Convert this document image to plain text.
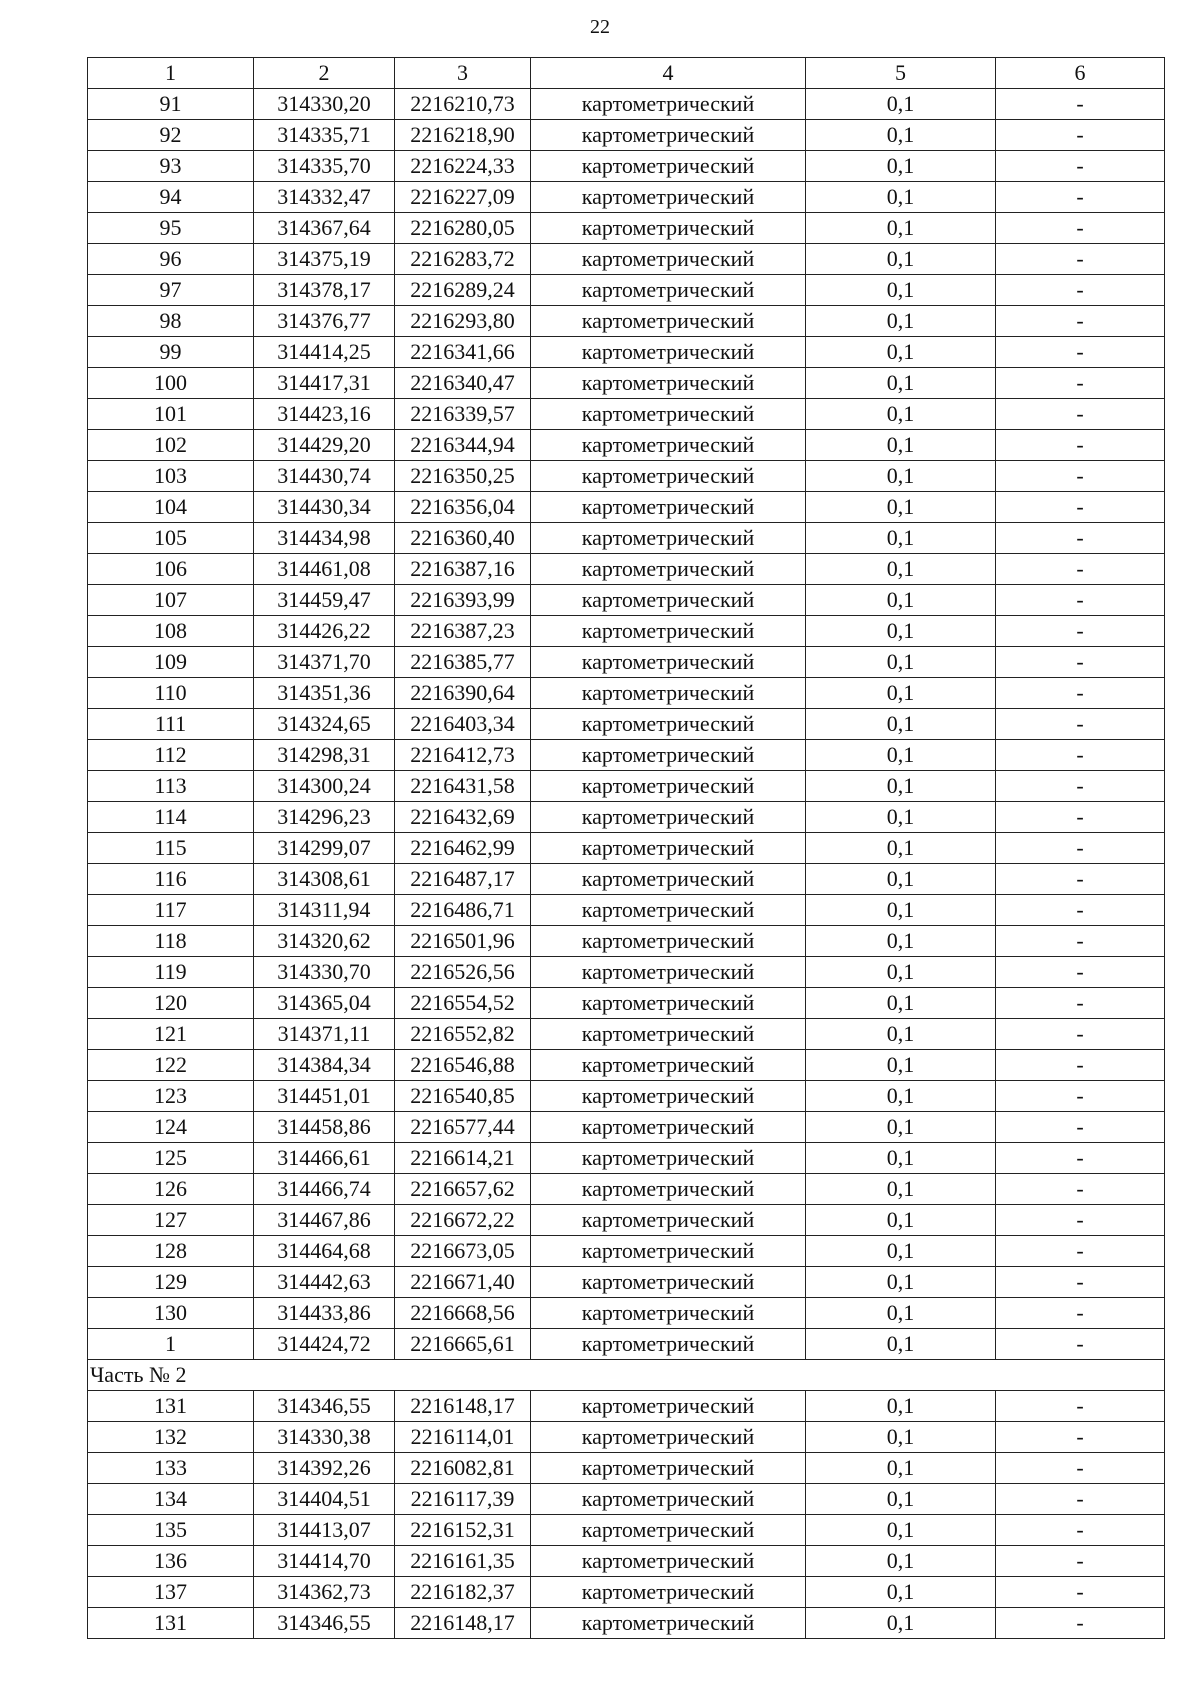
22
1	2	3	4	5	6
91	314330,20	2216210,73	картометрический	0,1	-
92	314335,71	2216218,90	картометрический	0,1	-
93	314335,70	2216224,33	картометрический	0,1	-
94	314332,47	2216227,09	картометрический	0,1	-
95	314367,64	2216280,05	картометрический	0,1	-
96	314375,19	2216283,72	картометрический	0,1	-
97	314378,17	2216289,24	картометрический	0,1	-
98	314376,77	2216293,80	картометрический	0,1	-
99	314414,25	2216341,66	картометрический	0,1	-
100	314417,31	2216340,47	картометрический	0,1	-
101	314423,16	2216339,57	картометрический	0,1	-
102	314429,20	2216344,94	картометрический	0,1	-
103	314430,74	2216350,25	картометрический	0,1	-
104	314430,34	2216356,04	картометрический	0,1	-
105	314434,98	2216360,40	картометрический	0,1	-
106	314461,08	2216387,16	картометрический	0,1	-
107	314459,47	2216393,99	картометрический	0,1	-
108	314426,22	2216387,23	картометрический	0,1	-
109	314371,70	2216385,77	картометрический	0,1	-
110	314351,36	2216390,64	картометрический	0,1	-
111	314324,65	2216403,34	картометрический	0,1	-
112	314298,31	2216412,73	картометрический	0,1	-
113	314300,24	2216431,58	картометрический	0,1	-
114	314296,23	2216432,69	картометрический	0,1	-
115	314299,07	2216462,99	картометрический	0,1	-
116	314308,61	2216487,17	картометрический	0,1	-
117	314311,94	2216486,71	картометрический	0,1	-
118	314320,62	2216501,96	картометрический	0,1	-
119	314330,70	2216526,56	картометрический	0,1	-
120	314365,04	2216554,52	картометрический	0,1	-
121	314371,11	2216552,82	картометрический	0,1	-
122	314384,34	2216546,88	картометрический	0,1	-
123	314451,01	2216540,85	картометрический	0,1	-
124	314458,86	2216577,44	картометрический	0,1	-
125	314466,61	2216614,21	картометрический	0,1	-
126	314466,74	2216657,62	картометрический	0,1	-
127	314467,86	2216672,22	картометрический	0,1	-
128	314464,68	2216673,05	картометрический	0,1	-
129	314442,63	2216671,40	картометрический	0,1	-
130	314433,86	2216668,56	картометрический	0,1	-
1	314424,72	2216665,61	картометрический	0,1	-
Часть № 2					
131	314346,55	2216148,17	картометрический	0,1	-
132	314330,38	2216114,01	картометрический	0,1	-
133	314392,26	2216082,81	картометрический	0,1	-
134	314404,51	2216117,39	картометрический	0,1	-
135	314413,07	2216152,31	картометрический	0,1	-
136	314414,70	2216161,35	картометрический	0,1	-
137	314362,73	2216182,37	картометрический	0,1	-
131	314346,55	2216148,17	картометрический	0,1	-
